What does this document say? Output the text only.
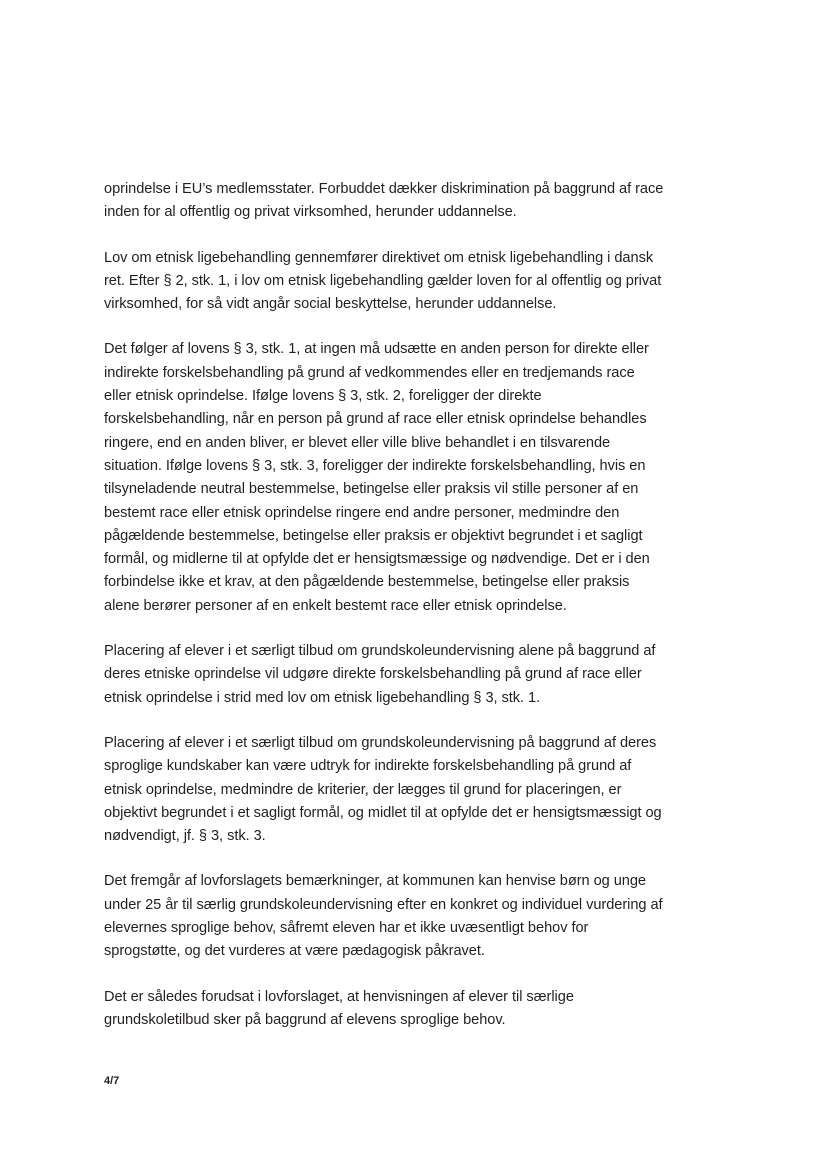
oprindelse i EU’s medlemsstater. Forbuddet dækker diskrimination på baggrund af race inden for al offentlig og privat virksomhed, herunder uddannelse.

Lov om etnisk ligebehandling gennemfører direktivet om etnisk ligebehandling i dansk ret. Efter § 2, stk. 1, i lov om etnisk ligebehandling gælder loven for al offentlig og privat virksomhed, for så vidt angår social beskyttelse, herunder uddannelse.

Det følger af lovens § 3, stk. 1, at ingen må udsætte en anden person for direkte eller indirekte forskelsbehandling på grund af vedkommendes eller en tredjemands race eller etnisk oprindelse. Ifølge lovens § 3, stk. 2, foreligger der direkte forskelsbehandling, når en person på grund af race eller etnisk oprindelse behandles ringere, end en anden bliver, er blevet eller ville blive behandlet i en tilsvarende situation. Ifølge lovens § 3, stk. 3, foreligger der indirekte forskelsbehandling, hvis en tilsyneladende neutral bestemmelse, betingelse eller praksis vil stille personer af en bestemt race eller etnisk oprindelse ringere end andre personer, medmindre den pågældende bestemmelse, betingelse eller praksis er objektivt begrundet i et sagligt formål, og midlerne til at opfylde det er hensigtsmæssige og nødvendige. Det er i den forbindelse ikke et krav, at den pågældende bestemmelse, betingelse eller praksis alene berører personer af en enkelt bestemt race eller etnisk oprindelse.

Placering af elever i et særligt tilbud om grundskoleundervisning alene på baggrund af deres etniske oprindelse vil udgøre direkte forskelsbehandling på grund af race eller etnisk oprindelse i strid med lov om etnisk ligebehandling § 3, stk. 1.

Placering af elever i et særligt tilbud om grundskoleundervisning på baggrund af deres sproglige kundskaber kan være udtryk for indirekte forskelsbehandling på grund af etnisk oprindelse, medmindre de kriterier, der lægges til grund for placeringen, er objektivt begrundet i et sagligt formål, og midlet til at opfylde det er hensigtsmæssigt og nødvendigt, jf. § 3, stk. 3.

Det fremgår af lovforslagets bemærkninger, at kommunen kan henvise børn og unge under 25 år til særlig grundskoleundervisning efter en konkret og individuel vurdering af elevernes sproglige behov, såfremt eleven har et ikke uvæsentligt behov for sprogstøtte, og det vurderes at være pædagogisk påkravet.

Det er således forudsat i lovforslaget, at henvisningen af elever til særlige grundskoletilbud sker på baggrund af elevens sproglige behov.

4/7
